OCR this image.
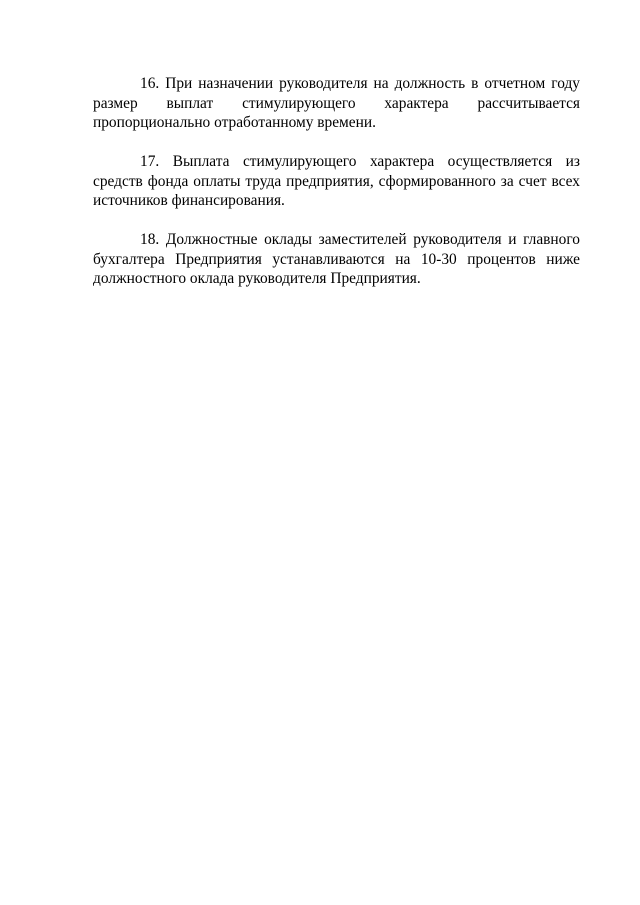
16. При назначении руководителя на должность в отчетном году размер выплат стимулирующего характера рассчитывается пропорционально отработанному времени.

17. Выплата стимулирующего характера осуществляется из средств фонда оплаты труда предприятия, сформированного за счет всех источников финансирования.

18. Должностные оклады заместителей руководителя и главного бухгалтера Предприятия устанавливаются на 10-30 процентов ниже должностного оклада руководителя Предприятия.
